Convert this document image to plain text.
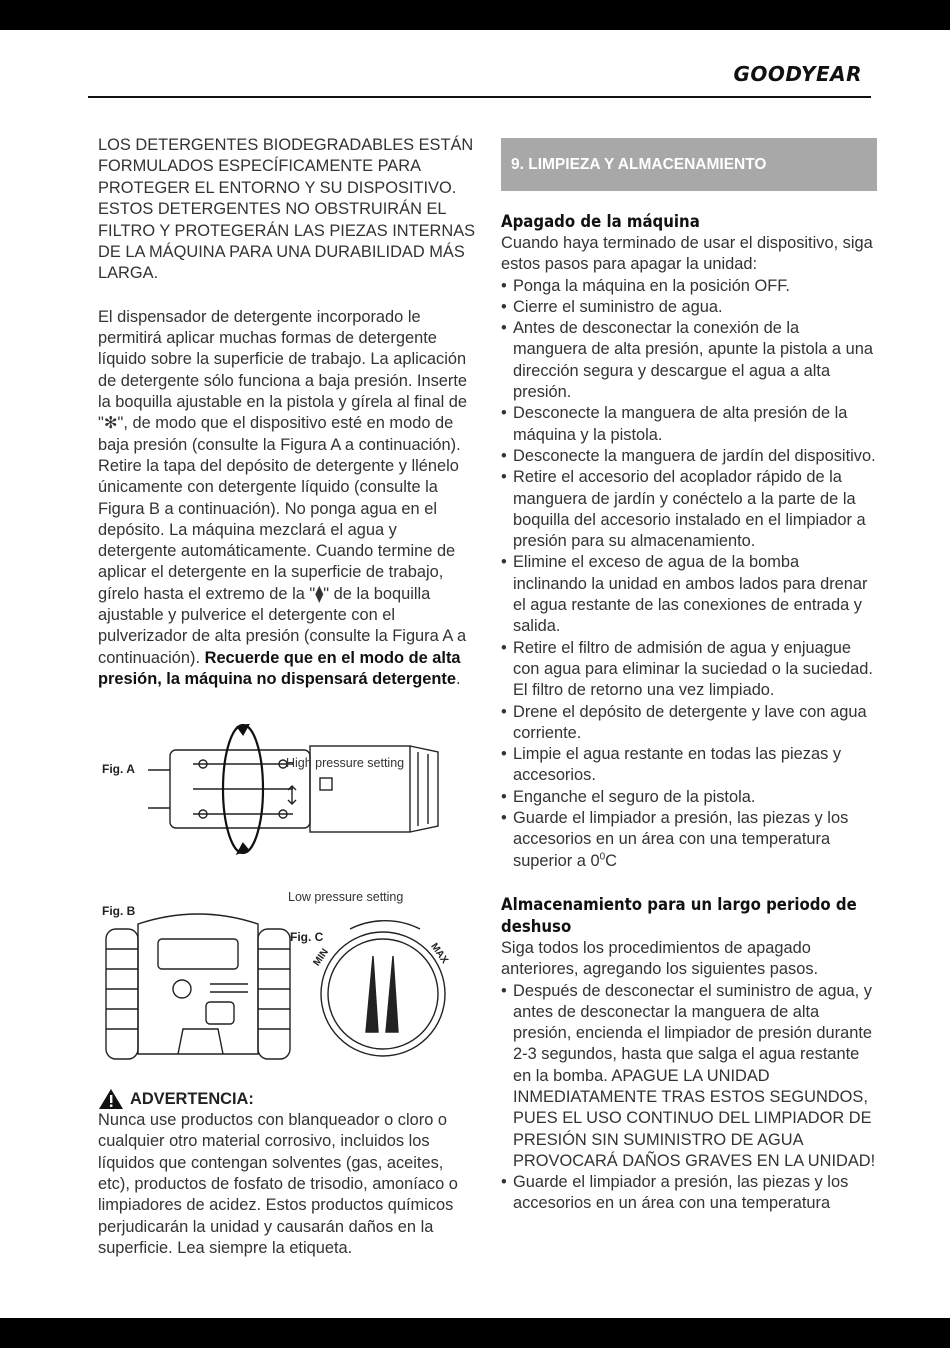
GOODYEAR

LOS DETERGENTES BIODEGRADABLES ESTÁN FORMULADOS ESPECÍFICAMENTE PARA PROTEGER EL ENTORNO Y SU DISPOSITIVO. ESTOS DETERGENTES NO OBSTRUIRÁN EL FILTRO Y PROTEGERÁN LAS PIEZAS INTERNAS DE LA MÁQUINA PARA UNA DURABILIDAD MÁS LARGA.

El dispensador de detergente incorporado le permitirá aplicar muchas formas de detergente líquido sobre la superficie de trabajo. La aplicación de detergente sólo funciona a baja presión. Inserte la boquilla ajustable en la pistola y gírela al final de "✻", de modo que el dispositivo esté en modo de baja presión (consulte la Figura A a continuación). Retire la tapa del depósito de detergente y llénelo únicamente con detergente líquido (consulte la Figura B a continuación). No ponga agua en el depósito. La máquina mezclará el agua y detergente automáticamente. Cuando termine de aplicar el detergente en la superficie de trabajo, gírelo hasta el extremo de la "⧫" de la boquilla ajustable y pulverice el detergente con el pulverizador de alta presión (consulte la Figura A a continuación). Recuerde que en el modo de alta presión, la máquina no dispensará detergente.

Fig. A	High pressure setting
Low pressure setting
Fig. B
Fig. C
MIN	MAX
ADVERTENCIA:

Nunca use productos con blanqueador o cloro o cualquier otro material corrosivo, incluidos los líquidos que contengan solventes (gas, aceites, etc), productos de fosfato de trisodio, amoníaco o limpiadores de acidez. Estos productos químicos perjudicarán la unidad y causarán daños en la superficie. Lea siempre la etiqueta.

9. LIMPIEZA Y ALMACENAMIENTO
Apagado de la máquina

Cuando haya terminado de usar el dispositivo, siga estos pasos para apagar la unidad:

• Ponga la máquina en la posición OFF.
• Cierre el suministro de agua.
• Antes de desconectar la conexión de la manguera de alta presión, apunte la pistola a una dirección segura y descargue el agua a alta presión.
• Desconecte la manguera de alta presión de la máquina y la pistola.
• Desconecte la manguera de jardín del dispositivo.
• Retire el accesorio del acoplador rápido de la manguera de jardín y conéctelo a la parte de la boquilla del accesorio instalado en el limpiador a presión para su almacenamiento.
• Elimine el exceso de agua de la bomba inclinando la unidad en ambos lados para drenar el agua restante de las conexiones de entrada y salida.
• Retire el filtro de admisión de agua y enjuague con agua para eliminar la suciedad o la suciedad. El filtro de retorno una vez limpiado.
• Drene el depósito de detergente y lave con agua corriente.
• Limpie el agua restante en todas las piezas y accesorios.
• Enganche el seguro de la pistola.
• Guarde el limpiador a presión, las piezas y los accesorios en un área con una temperatura superior a $0^0C$
Almacenamiento para un largo periodo de
deshuso

Siga todos los procedimientos de apagado anteriores, agregando los siguientes pasos.

• Después de desconectar el suministro de agua, y antes de desconectar la manguera de alta presión, encienda el limpiador de presión durante 2-3 segundos, hasta que salga el agua restante en la bomba. APAGUE LA UNIDAD INMEDIATAMENTE TRAS ESTOS SEGUNDOS, PUES EL USO CONTINUO DEL LIMPIADOR DE PRESIÓN SIN SUMINISTRO DE AGUA PROVOCARÁ DAÑOS GRAVES EN LA UNIDAD!
• Guarde el limpiador a presión, las piezas y los accesorios en un área con una temperatura
